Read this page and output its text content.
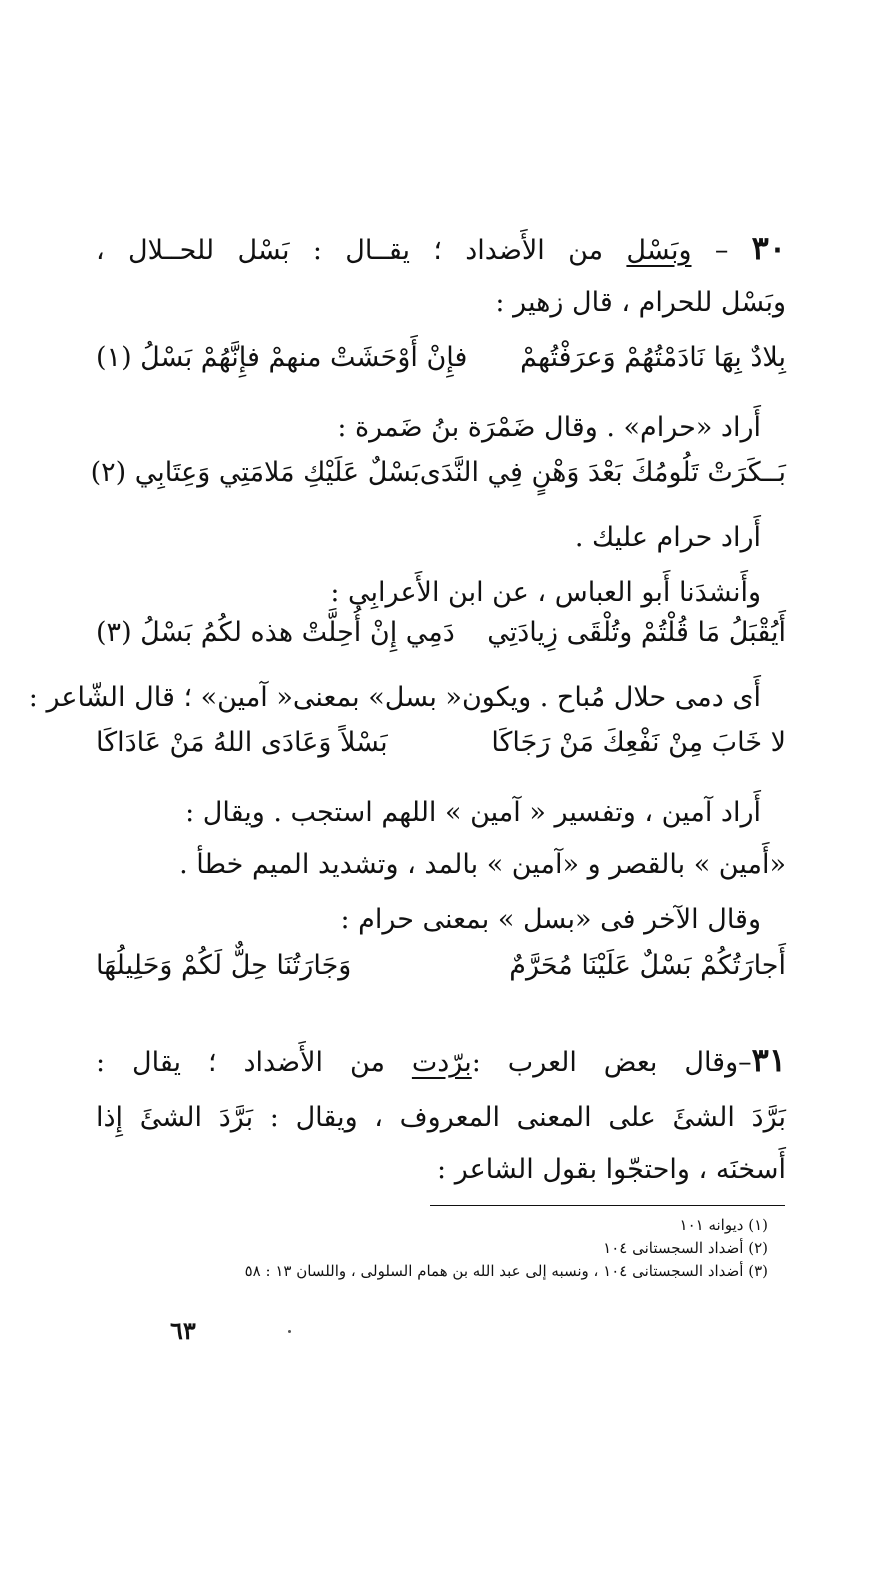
٣٠ – وبَسْل من الأَضداد ؛ يقــال : بَسْل للحــلال ،
وبَسْل للحرام ، قال زهير :
بِلادٌ بِهَا نَادَمْتُهُمْ وَعرَفْتُهمْ
فإِنْ أَوْحَشَتْ منهمْ فإِنَّهُمْ بَسْلُ (١)
أَراد «حرام» . وقال ضَمْرَة بنُ ضَمرة :
بَــكَرَتْ تَلُومُكَ بَعْدَ وَهْنٍ فِي النَّدَى
بَسْلٌ عَلَيْكِ مَلامَتِي وَعِتَابِي (٢)
أَراد حرام عليك .
وأَنشدَنا أَبو العباس ، عن ابن الأَعرابِى :
أَيُقْبَلُ مَا قُلْتُمْ وتُلْقَى زِيادَتِي
دَمِي إِنْ أُحِلَّتْ هذه لكُمُ بَسْلُ (٣)
أَى دمى حلال مُباح . ويكون« بسل» بمعنى« آمين» ؛ قال الشّاعر :
لا خَابَ مِنْ نَفْعِكَ مَنْ رَجَاكَا
بَسْلاً وَعَادَى اللهُ مَنْ عَادَاكَا
أَراد آمين ، وتفسير « آمين » اللهم استجب . ويقال :
«أَمين » بالقصر و «آمين » بالمد ، وتشديد الميم خطأ .
وقال الآخر فى «بسل » بمعنى حرام :
أَجارَتُكُمْ بَسْلٌ عَلَيْنَا مُحَرَّمٌ
وَجَارَتُنَا حِلٌّ لَكُمْ وَحَلِيلُهَا
٣١–وقال بعض العرب :برّدت من الأَضداد ؛ يقال :
بَرَّدَ الشئَ على المعنى المعروف ، ويقال : بَرَّدَ الشئَ إِذا
أَسخنَه ، واحتجّوا بقول الشاعر :
(١) ديوانه ١٠١
(٢) أضداد السجستانى ١٠٤
(٣) أضداد السجستانى ١٠٤ ، ونسبه إلى عبد الله بن همام السلولى ، واللسان ١٣ : ٥٨
٦٣
